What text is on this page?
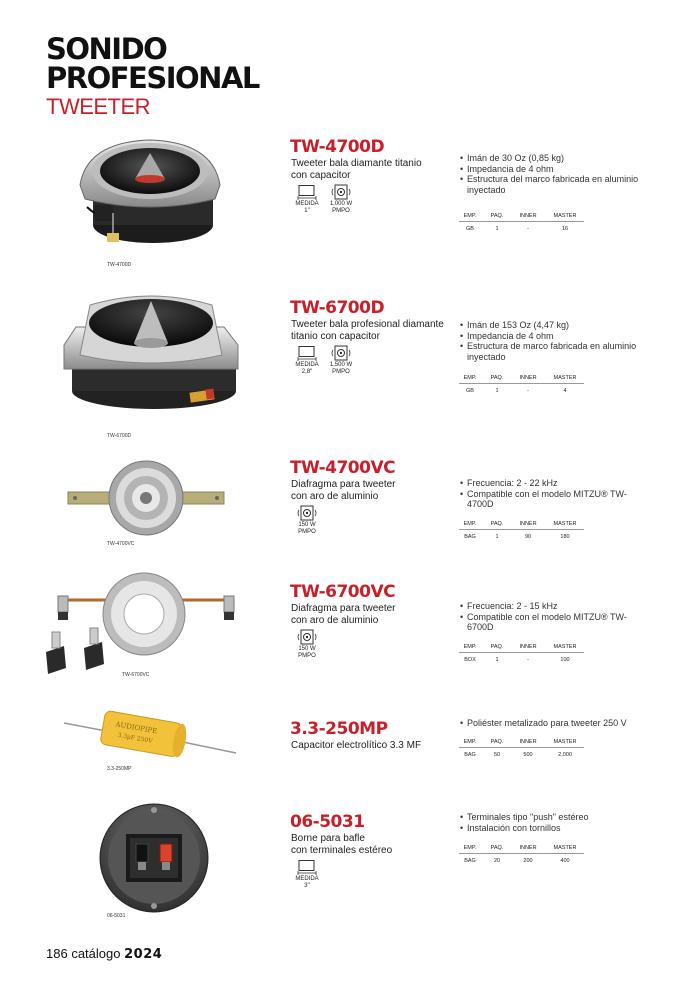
SONIDO
PROFESIONAL
TWEETER
TW-4700D
TW-4700D
Tweeter bala diamante titanio
con capacitor
MEDIDA
1"
1,000 W
PMPO
• Imán de 30 Oz (0,85 kg)
• Impedancia de 4 ohm
• Estructura del marco fabricada en aluminio inyectado
EMP.	PAQ.	INNER	MASTER
GB	1	-	16
TW-6700D
TW-6700D
Tweeter bala profesional diamante
titanio con capacitor
MEDIDA
2,8"
1,500 W
PMPO
• Imán de 153 Oz (4,47 kg)
• Impedancia de 4 ohm
• Estructura de marco fabricada en aluminio inyectado
EMP.	PAQ.	INNER	MASTER
GB	1	-	4
TW-4700VC
TW-4700VC
Diafragma para tweeter
con aro de aluminio
150 W
PMPO
• Frecuencia: 2 - 22 kHz
• Compatible con el modelo MITZU® TW-4700D
EMP.	PAQ.	INNER	MASTER
BAG	1	90	180
TW-6700VC
TW-6700VC
Diafragma para tweeter
con aro de aluminio
150 W
PMPO
• Frecuencia: 2 - 15 kHz
• Compatible con el modelo MITZU® TW-6700D
EMP.	PAQ.	INNER	MASTER
BOX	1	-	100
AUDIOPIPE
3.3µF 250V
3.3-250MP
3.3-250MP
Capacitor electrolítico 3.3 MF
• Poliéster metalizado para tweeter 250 V
EMP.	PAQ.	INNER	MASTER
BAG	50	500	2,000
06-5031
06-5031
Borne para bafle
con terminales estéreo
MEDIDA
3"
• Terminales tipo "push" estéreo
• Instalación con tornillos
EMP.	PAQ.	INNER	MASTER
BAG	20	200	400
186 catálogo 2024
